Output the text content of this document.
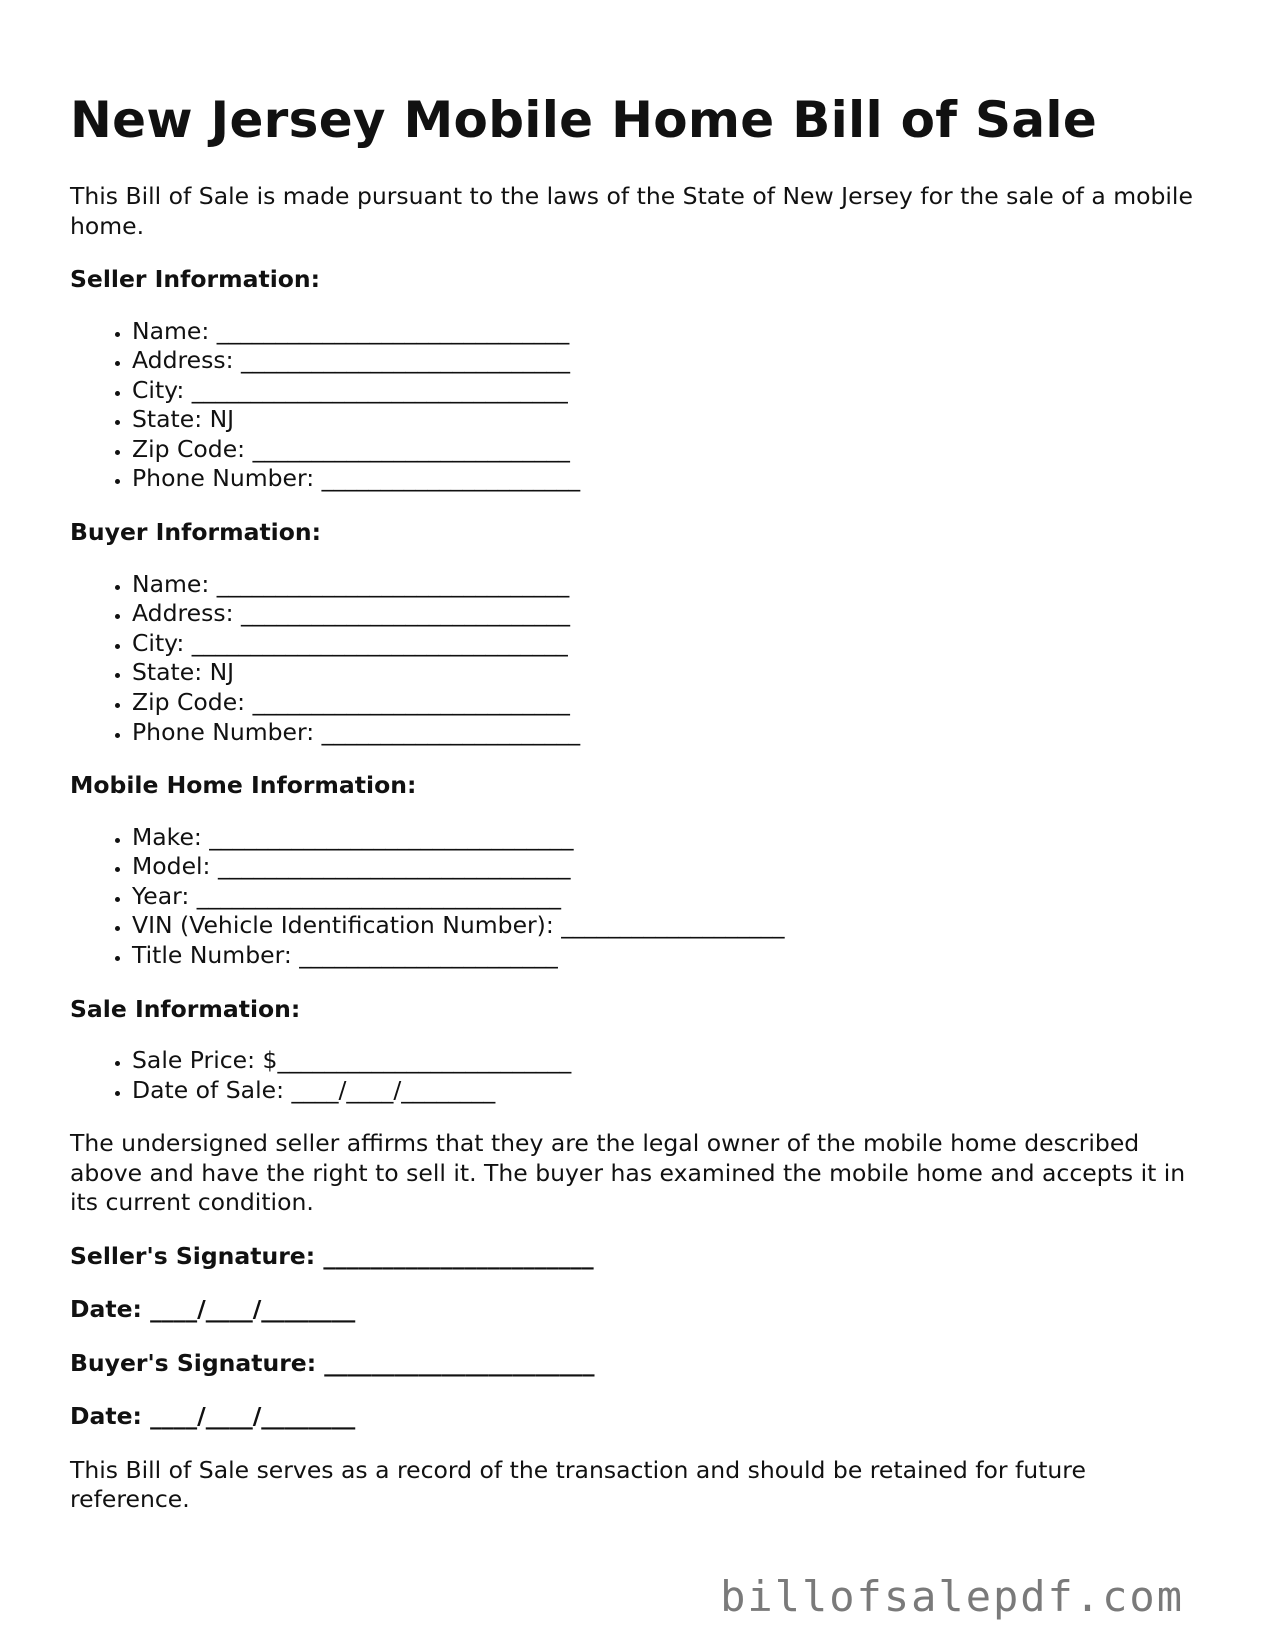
New Jersey Mobile Home Bill of Sale

This Bill of Sale is made pursuant to the laws of the State of New Jersey for the sale of a mobile home.

Seller Information:
• Name: ______________________________
• Address: ____________________________
• City: ________________________________
• State: NJ
• Zip Code: ___________________________
• Phone Number: ______________________
Buyer Information:
• Name: ______________________________
• Address: ____________________________
• City: ________________________________
• State: NJ
• Zip Code: ___________________________
• Phone Number: ______________________
Mobile Home Information:
• Make: _______________________________
• Model: ______________________________
• Year: _______________________________
• VIN (Vehicle Identification Number): ___________________
• Title Number: ______________________
Sale Information:
• Sale Price: $_________________________
• Date of Sale: ____/____/________

The undersigned seller affirms that they are the legal owner of the mobile home described above and have the right to sell it. The buyer has examined the mobile home and accepts it in its current condition.

Seller's Signature: _______________________
Date: ____/____/________
Buyer's Signature: _______________________
Date: ____/____/________

This Bill of Sale serves as a record of the transaction and should be retained for future reference.

billofsalepdf.com
